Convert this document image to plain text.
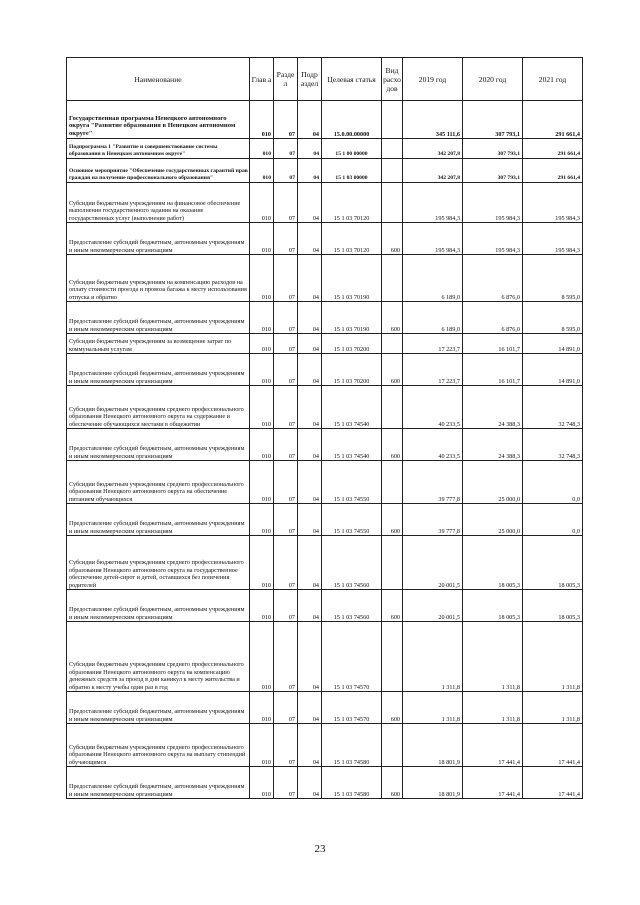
Наименование	Глав а	Разде л	Подр аздел	Целевая статья	Вид расхо дов	2019 год	2020 год	2021 год
Государственная программа Ненецкого автономного округа "Развитие образования в Ненецком автономном округе"	010	07	04	15.0.00.00000		345 111,6	307 793,1	291 661,4
Подпрограмма 1 "Развитие и совершенствование системы образования в Ненецком автономном округе"	010	07	04	15 1 00 00000		342 207,8	307 793,1	291 661,4
Основное мероприятие "Обеспечение государственных гарантий прав граждан на получение профессионального образования"	010	07	04	15 1 03 00000		342 207,8	307 793,1	291 661,4
Субсидии бюджетным учреждениям на финансовое обеспечение выполнения государственного задания на оказание государственных услуг (выполнение работ)	010	07	04	15 1 03 70120		195 984,3	195 984,3	195 984,3
Предоставление субсидий бюджетным, автономным учреждениям и иным некоммерческим организациям	010	07	04	15 1 03 70120	600	195 984,3	195 984,3	195 984,3
Субсидии бюджетным учреждениям на компенсацию расходов на оплату стоимости проезда и провоза багажа к месту использования отпуска и обратно	010	07	04	15 1 03 70190		6 189,0	6 876,0	8 595,0
Предоставление субсидий бюджетным, автономным учреждениям и иным некоммерческим организациям	010	07	04	15 1 03 70190	600	6 189,0	6 876,0	8 595,0
Субсидии бюджетным учреждениям за возмещение затрат по коммунальным услугам	010	07	04	15 1 03 70200		17 223,7	16 101,7	14 891,0
Предоставление субсидий бюджетным, автономным учреждениям и иным некоммерческим организациям	010	07	04	15 1 03 70200	600	17 223,7	16 101,7	14 891,0
Субсидии бюджетным учреждениям среднего профессионального образования Ненецкого автономного округа на содержание и обеспечение обучающихся местами в общежитии	010	07	04	15 1 03 74540		40 233,5	24 388,3	32 748,3
Предоставление субсидий бюджетным, автономным учреждениям и иным некоммерческим организациям	010	07	04	15 1 03 74540	600	40 233,5	24 388,3	32 748,3
Субсидии бюджетным учреждениям среднего профессионального образования Ненецкого автономного округа на обеспечение питанием обучающихся	010	07	04	15 1 03 74550		39 777,8	25 000,0	0,0
Предоставление субсидий бюджетным, автономным учреждениям и иным некоммерческим организациям	010	07	04	15 1 03 74550	600	39 777,8	25 000,0	0,0
Субсидии бюджетным учреждениям среднего профессионального образования Ненецкого автономного округа на государственное обеспечение детей-сирот и детей, оставшихся без попечения родителей	010	07	04	15 1 03 74560		20 001,5	18 005,3	18 005,3
Предоставление субсидий бюджетным, автономным учреждениям и иным некоммерческим организациям	010	07	04	15 1 03 74560	600	20 001,5	18 005,3	18 005,3
Субсидии бюджетным учреждениям среднего профессионального образования Ненецкого автономного округа на компенсацию денежных средств за проезд в дни каникул к месту жительства и обратно к месту учебы один раз в год	010	07	04	15 1 03 74570		1 311,8	1 311,8	1 311,8
Предоставление субсидий бюджетным, автономным учреждениям и иным некоммерческим организациям	010	07	04	15 1 03 74570	600	1 311,8	1 311,8	1 311,8
Субсидии бюджетным учреждениям среднего профессионального образования Ненецкого автономного округа на выплату стипендий обучающимся	010	07	04	15 1 03 74580		18 801,9	17 441,4	17 441,4
Предоставление субсидий бюджетным, автономным учреждениям и иным некоммерческим организациям	010	07	04	15 1 03 74580	600	18 801,9	17 441,4	17 441,4
23
